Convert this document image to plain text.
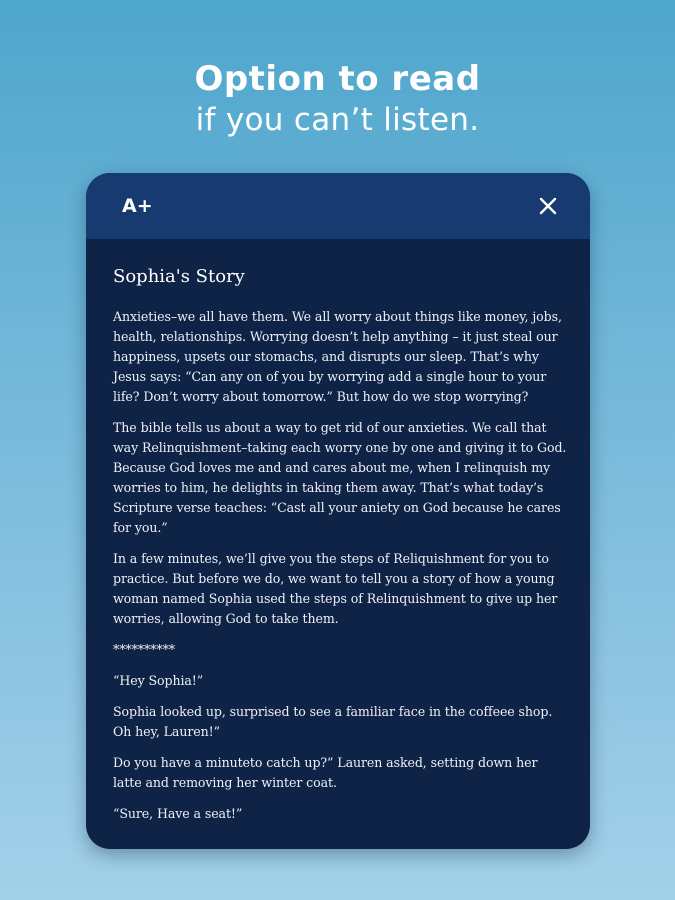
Option to read
if you can’t listen.
A+
Sophia's Story

Anxieties–we all have them. We all worry about things like money, jobs, health, relationships. Worrying doesn’t help anything – it just steal our happiness, upsets our stomachs, and disrupts our sleep. That’s why Jesus says: “Can any on of you by worrying add a single hour to your life? Don’t worry about tomorrow.” But how do we stop worrying?

The bible tells us about a way to get rid of our anxieties. We call that way Relinquishment–taking each worry one by one and giving it to God. Because God loves me and and cares about me, when I relinquish my worries to him, he delights in taking them away. That’s what today’s Scripture verse teaches: “Cast all your aniety on God because he cares for you.”

In a few minutes, we’ll give you the steps of Reliquishment for you to practice. But before we do, we want to tell you a story of how a young woman named Sophia used the steps of Relinquishment to give up her worries, allowing God to take them.

**********

“Hey Sophia!”

Sophia looked up, surprised to see a familiar face in the coffeee shop. Oh hey, Lauren!”

Do you have a minuteto catch up?” Lauren asked, setting down her latte and removing her winter coat.

“Sure, Have a seat!”
